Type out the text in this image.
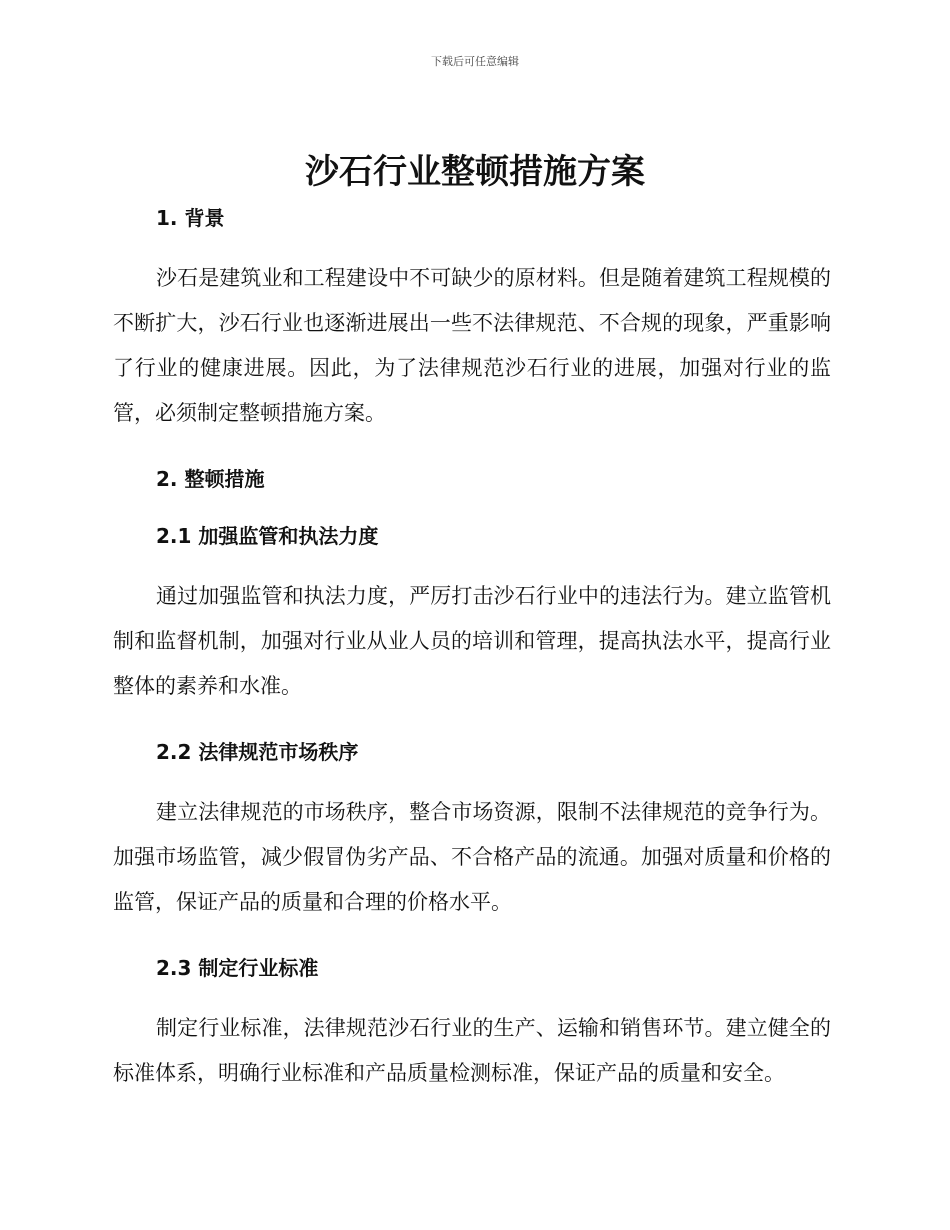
下载后可任意编辑
沙石行业整顿措施方案
1. 背景

沙石是建筑业和工程建设中不可缺少的原材料。但是随着建筑工程规模的不断扩大，沙石行业也逐渐进展出一些不法律规范、不合规的现象，严重影响了行业的健康进展。因此，为了法律规范沙石行业的进展，加强对行业的监管，必须制定整顿措施方案。

2. 整顿措施
2.1 加强监管和执法力度

通过加强监管和执法力度，严厉打击沙石行业中的违法行为。建立监管机制和监督机制，加强对行业从业人员的培训和管理，提高执法水平，提高行业整体的素养和水准。

2.2 法律规范市场秩序

建立法律规范的市场秩序，整合市场资源，限制不法律规范的竞争行为。加强市场监管，减少假冒伪劣产品、不合格产品的流通。加强对质量和价格的监管，保证产品的质量和合理的价格水平。

2.3 制定行业标准

制定行业标准，法律规范沙石行业的生产、运输和销售环节。建立健全的标准体系，明确行业标准和产品质量检测标准，保证产品的质量和安全。
